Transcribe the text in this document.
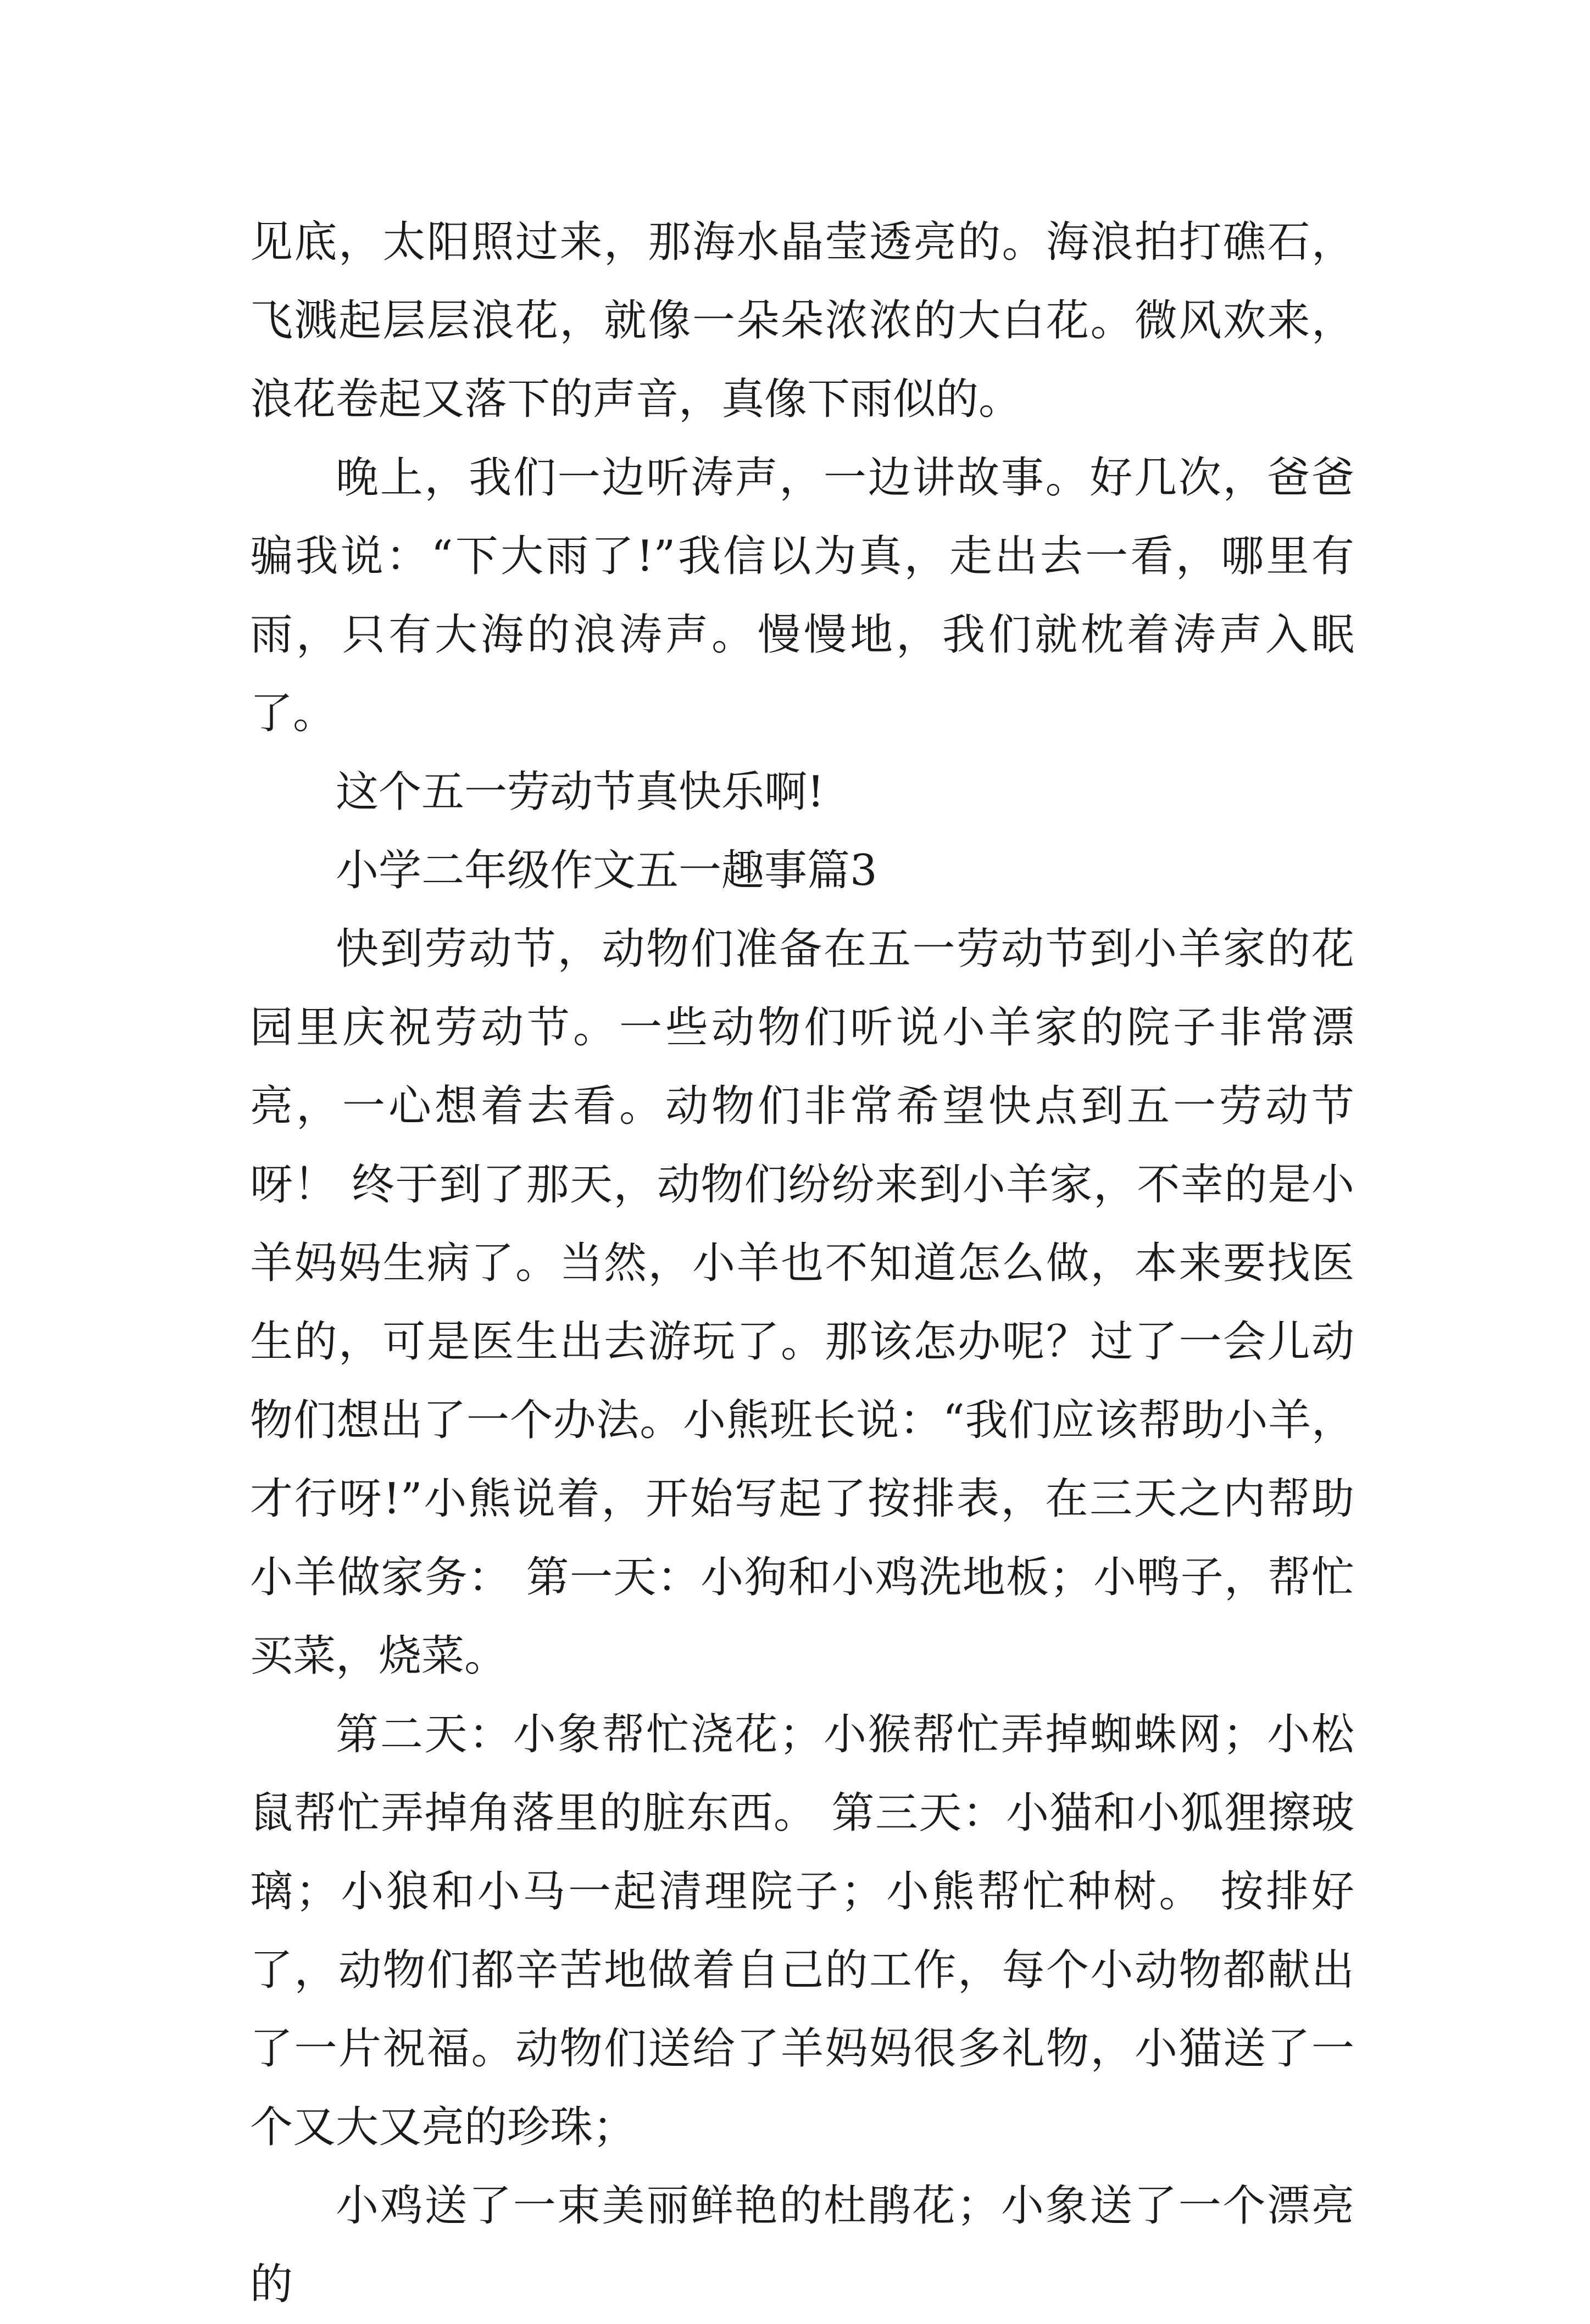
见底，太阳照过来，那海水晶莹透亮的。海浪拍打礁石，飞溅起层层浪花，就像一朵朵浓浓的大白花。微风欢来，浪花卷起又落下的声音，真像下雨似的。

晚上，我们一边听涛声，一边讲故事。好几次，爸爸骗我说：“下大雨了!”我信以为真，走出去一看，哪里有雨，只有大海的浪涛声。慢慢地，我们就枕着涛声入眠了。

这个五一劳动节真快乐啊!

小学二年级作文五一趣事篇3

快到劳动节，动物们准备在五一劳动节到小羊家的花园里庆祝劳动节。一些动物们听说小羊家的院子非常漂亮，一心想着去看。动物们非常希望快点到五一劳动节呀！ 终于到了那天，动物们纷纷来到小羊家，不幸的是小羊妈妈生病了。当然，小羊也不知道怎么做，本来要找医生的，可是医生出去游玩了。那该怎办呢？过了一会儿动物们想出了一个办法。小熊班长说：“我们应该帮助小羊，才行呀!”小熊说着，开始写起了按排表，在三天之内帮助小羊做家务： 第一天：小狗和小鸡洗地板；小鸭子，帮忙买菜，烧菜。

第二天：小象帮忙浇花；小猴帮忙弄掉蜘蛛网；小松鼠帮忙弄掉角落里的脏东西。 第三天：小猫和小狐狸擦玻璃；小狼和小马一起清理院子；小熊帮忙种树。 按排好了，动物们都辛苦地做着自己的工作，每个小动物都献出了一片祝福。动物们送给了羊妈妈很多礼物，小猫送了一个又大又亮的珍珠；

小鸡送了一束美丽鲜艳的杜鹃花；小象送了一个漂亮的
